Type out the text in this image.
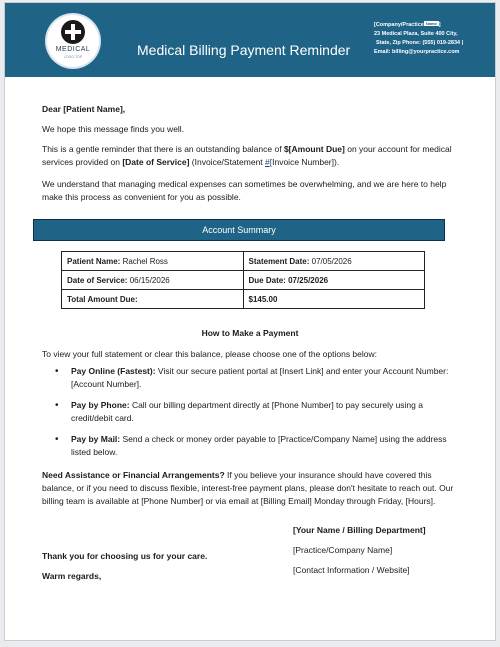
MEDICAL
LOGO TOP	Medical Billing Payment Reminder
[Company/Practice Name ]
23 Medical Plaza, Suite 400 City,
State, Zip Phone: (555) 019-2834 |
Email: billing@yourpractice.com
Dear [Patient Name],
We hope this message finds you well.
This is a gentle reminder that there is an outstanding balance of $[Amount Due] on your account for medical services provided on [Date of Service] (Invoice/Statement #[Invoice Number]).
We understand that managing medical expenses can sometimes be overwhelming, and we are here to help make this process as convenient for you as possible.
Account Summary
Patient Name: Rachel Ross	Statement Date: 07/05/2026
Date of Service: 06/15/2026	Due Date: 07/25/2026
Total Amount Due:	$145.00
How to Make a Payment
To view your full statement or clear this balance, please choose one of the options below:
• Pay Online (Fastest): Visit our secure patient portal at [Insert Link] and enter your Account Number: [Account Number].
• Pay by Phone: Call our billing department directly at [Phone Number] to pay securely using a credit/debit card.
• Pay by Mail: Send a check or money order payable to [Practice/Company Name] using the address listed below.
Need Assistance or Financial Arrangements? If you believe your insurance should have covered this balance, or if you need to discuss flexible, interest-free payment plans, please don't hesitate to reach out. Our billing team is available at [Phone Number] or via email at [Billing Email] Monday through Friday, [Hours].
[Your Name / Billing Department]
[Practice/Company Name]
[Contact Information / Website]
Thank you for choosing us for your care.
Warm regards,
